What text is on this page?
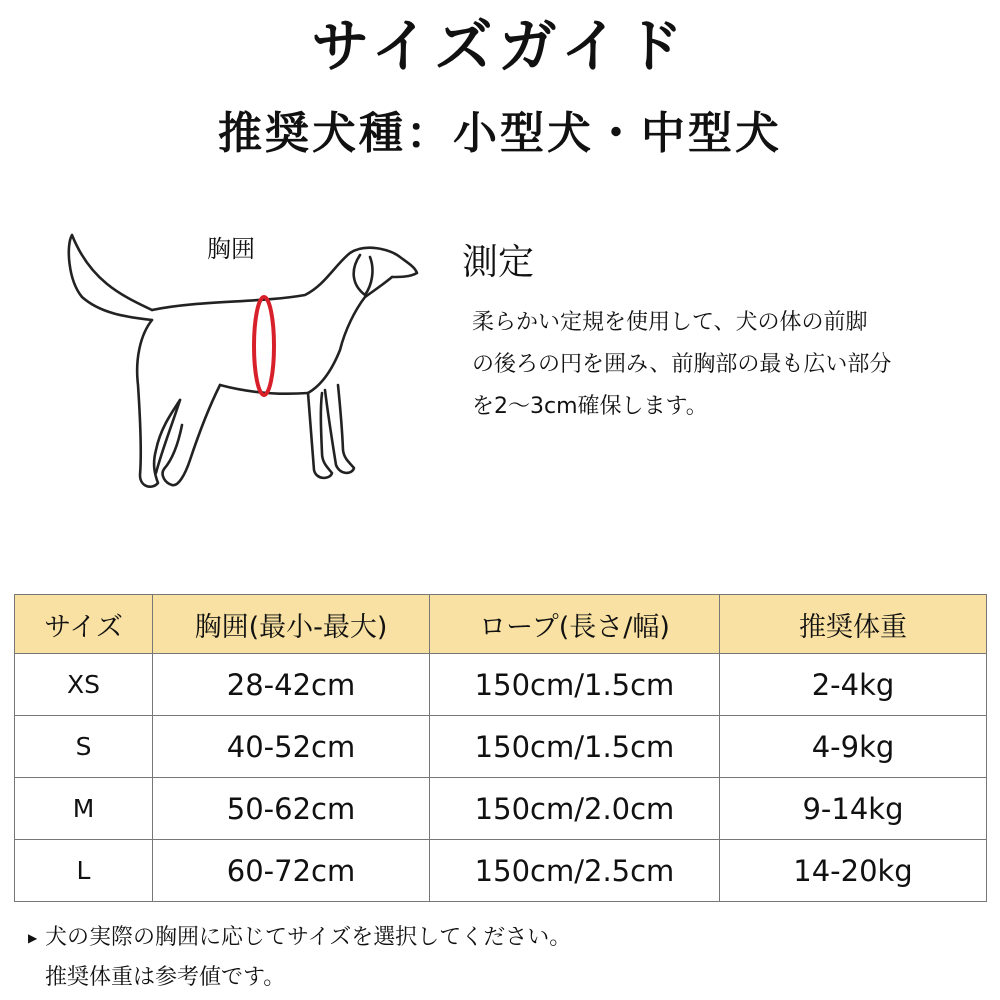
サイズガイド
推奨犬種：小型犬・中型犬
胸囲	測定
柔らかい定規を使用して、犬の体の前脚
の後ろの円を囲み、前胸部の最も広い部分
を2～3cm確保します。
サイズ	胸囲(最小-最大)	ロープ(長さ/幅)	推奨体重
XS	28-42cm	150cm/1.5cm	2-4kg
S	40-52cm	150cm/1.5cm	4-9kg
M	50-62cm	150cm/2.0cm	9-14kg
L	60-72cm	150cm/2.5cm	14-20kg
▶ 犬の実際の胸囲に応じてサイズを選択してください。
推奨体重は参考値です。
